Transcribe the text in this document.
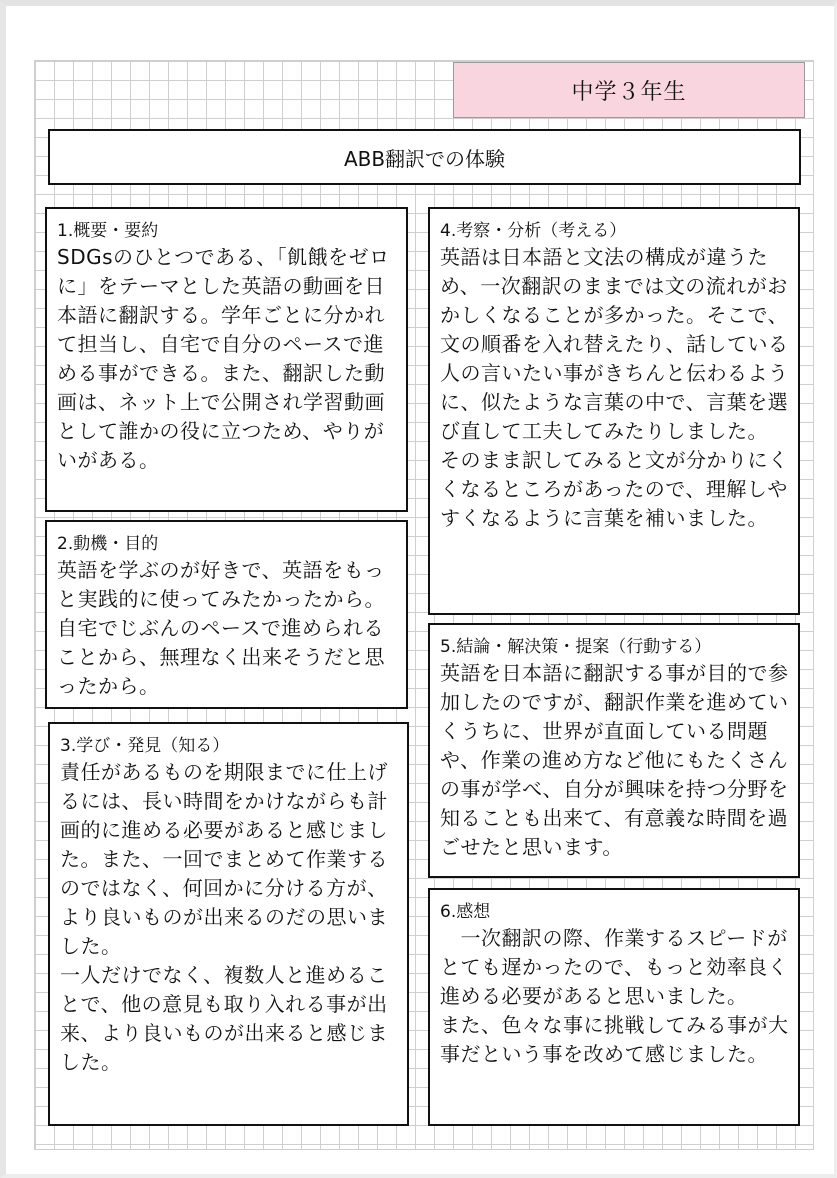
中学３年生
ABB翻訳での体験
1.概要・要約

SDGsのひとつである、「飢餓をゼロに」をテーマとした英語の動画を日本語に翻訳する。学年ごとに分かれて担当し、自宅で自分のペースで進める事ができる。また、翻訳した動画は、ネット上で公開され学習動画として誰かの役に立つため、やりがいがある。

2.動機・目的

英語を学ぶのが好きで、英語をもっと実践的に使ってみたかったから。自宅でじぶんのペースで進められることから、無理なく出来そうだと思ったから。

3.学び・発見（知る）

責任があるものを期限までに仕上げるには、長い時間をかけながらも計画的に進める必要があると感じました。また、一回でまとめて作業するのではなく、何回かに分ける方が、より良いものが出来るのだの思いました。

一人だけでなく、複数人と進めることで、他の意見も取り入れる事が出来、より良いものが出来ると感じました。

4.考察・分析（考える）

英語は日本語と文法の構成が違うため、一次翻訳のままでは文の流れがおかしくなることが多かった。そこで、文の順番を入れ替えたり、話している人の言いたい事がきちんと伝わるように、似たような言葉の中で、言葉を選び直して工夫してみたりしました。

そのまま訳してみると文が分かりにくくなるところがあったので、理解しやすくなるように言葉を補いました。

5.結論・解決策・提案（行動する）

英語を日本語に翻訳する事が目的で参加したのですが、翻訳作業を進めていくうちに、世界が直面している問題や、作業の進め方など他にもたくさんの事が学べ、自分が興味を持つ分野を知ることも出来て、有意義な時間を過ごせたと思います。

6.感想

　一次翻訳の際、作業するスピードがとても遅かったので、もっと効率良く進める必要があると思いました。

また、色々な事に挑戦してみる事が大事だという事を改めて感じました。
